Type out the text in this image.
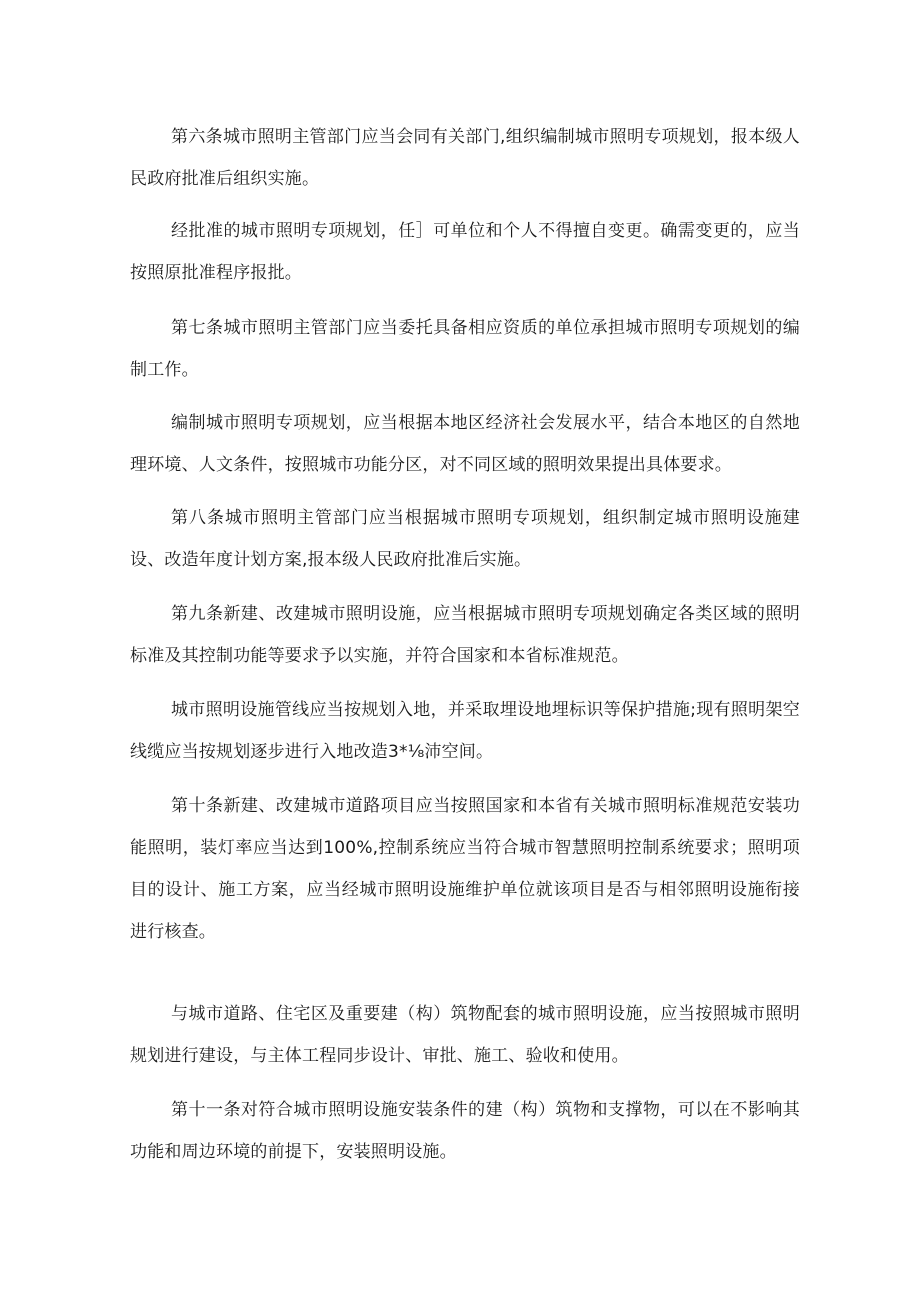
第六条城市照明主管部门应当会同有关部门,组织编制城市照明专项规划，报本级人民政府批准后组织实施。

经批准的城市照明专项规划，任］可单位和个人不得擅自变更。确需变更的，应当按照原批准程序报批。

第七条城市照明主管部门应当委托具备相应资质的单位承担城市照明专项规划的编制工作。

编制城市照明专项规划，应当根据本地区经济社会发展水平，结合本地区的自然地理环境、人文条件，按照城市功能分区，对不同区域的照明效果提出具体要求。

第八条城市照明主管部门应当根据城市照明专项规划，组织制定城市照明设施建设、改造年度计划方案,报本级人民政府批准后实施。

第九条新建、改建城市照明设施，应当根据城市照明专项规划确定各类区域的照明标准及其控制功能等要求予以实施，并符合国家和本省标准规范。

城市照明设施管线应当按规划入地，并采取埋设地埋标识等保护措施;现有照明架空线缆应当按规划逐步进行入地改造3*⅛沛空间。

第十条新建、改建城市道路项目应当按照国家和本省有关城市照明标准规范安装功能照明，装灯率应当达到100%,控制系统应当符合城市智慧照明控制系统要求；照明项目的设计、施工方案，应当经城市照明设施维护单位就该项目是否与相邻照明设施衔接进行核查。

与城市道路、住宅区及重要建（构）筑物配套的城市照明设施，应当按照城市照明规划进行建设，与主体工程同步设计、审批、施工、验收和使用。

第十一条对符合城市照明设施安装条件的建（构）筑物和支撑物，可以在不影响其功能和周边环境的前提下，安装照明设施。
